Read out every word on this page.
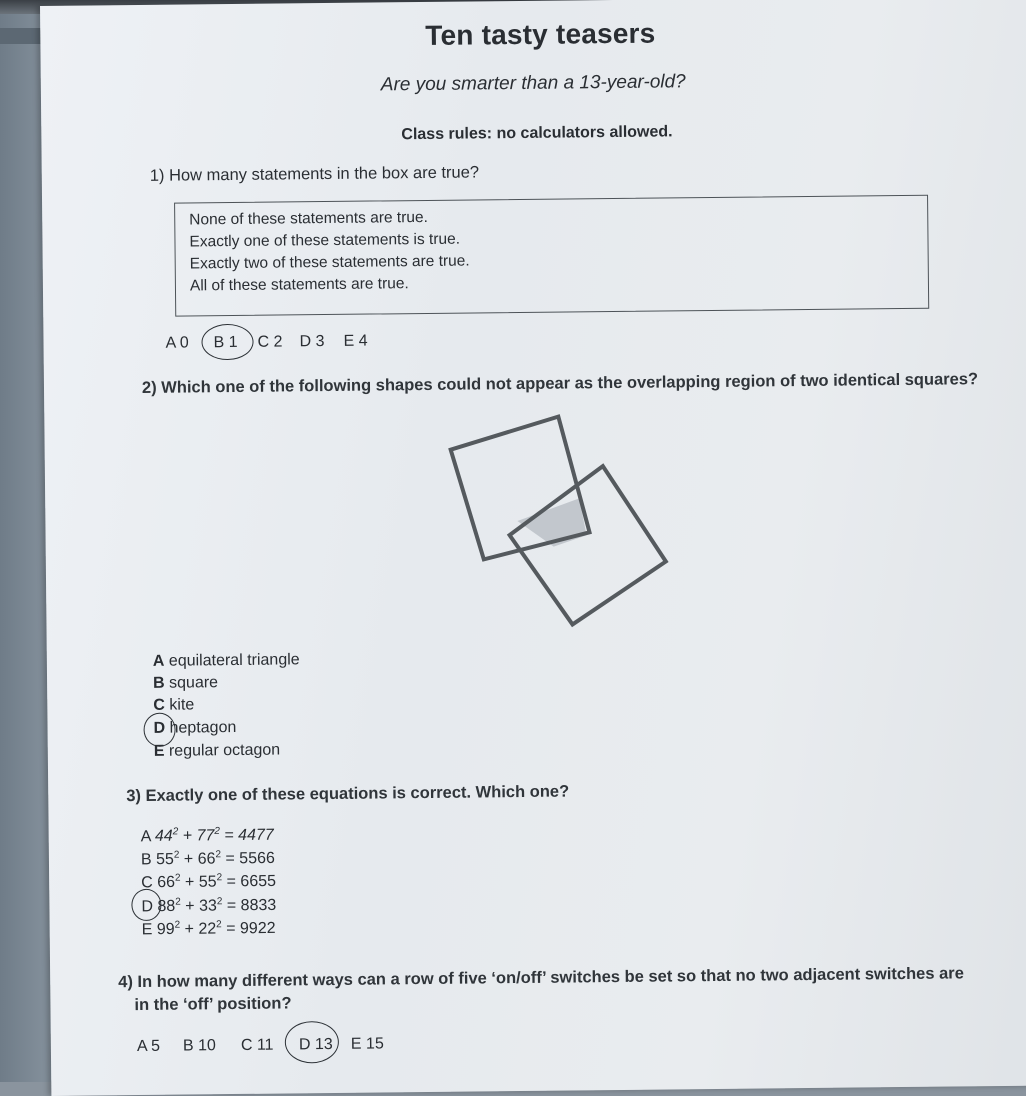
Ten tasty teasers
Are you smarter than a 13-year-old?
Class rules: no calculators allowed.
1) How many statements in the box are true?
None of these statements are true.
Exactly one of these statements is true.
Exactly two of these statements are true.
All of these statements are true.
A 0 B 1 C 2 D 3 E 4
2) Which one of the following shapes could not appear as the overlapping region of two identical squares?
A equilateral triangle
B square
C kite
D heptagon
E regular octagon
3) Exactly one of these equations is correct. Which one?
A $44^2 + 77^2 = 4477$
B $55^2 + 66^2 = 5566$
C $66^2 + 55^2 = 6655$
D $88^2 + 33^2 = 8833$
E $99^2 + 22^2 = 9922$
4) In how many different ways can a row of five ‘on/off’ switches be set so that no two adjacent switches are
in the ‘off’ position?
A 5 B 10 C 11 D 13 E 15
